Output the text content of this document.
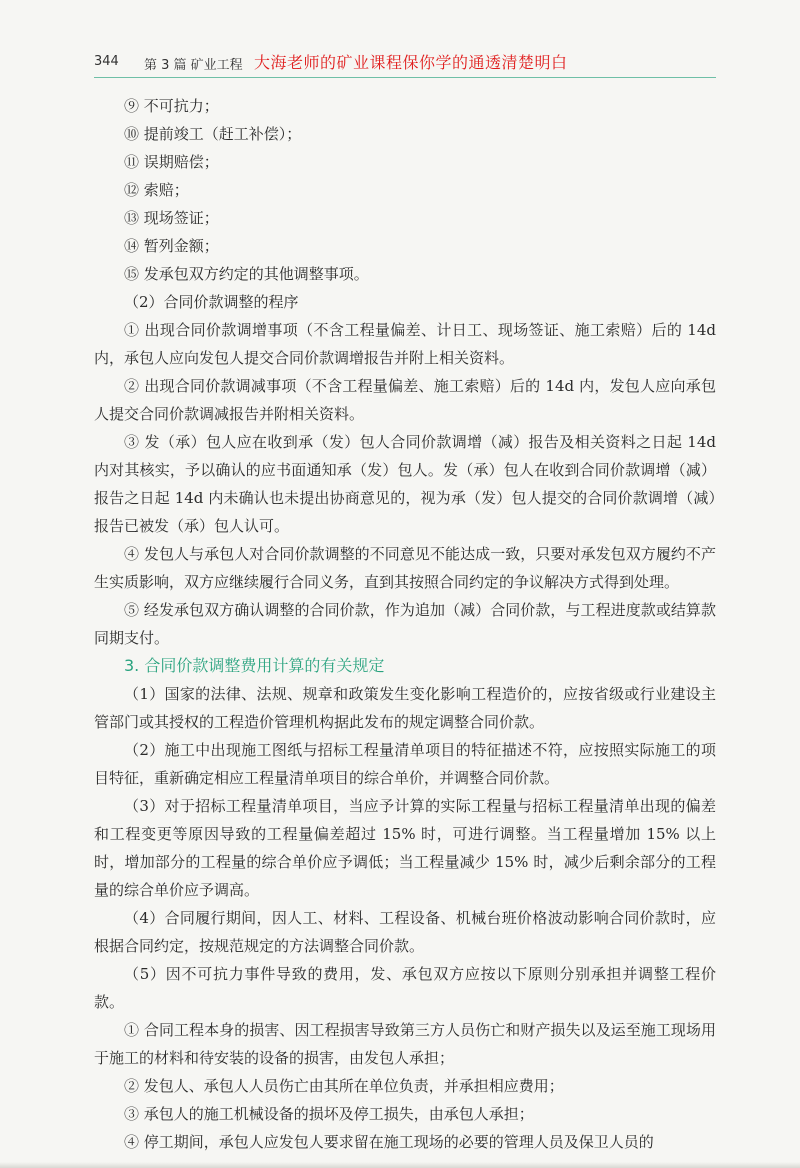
344 第 3 篇 矿业工程 大海老师的矿业课程保你学的通透清楚明白

⑨ 不可抗力；

⑩ 提前竣工（赶工补偿）；

⑪ 误期赔偿；

⑫ 索赔；

⑬ 现场签证；

⑭ 暂列金额；

⑮ 发承包双方约定的其他调整事项。

（2）合同价款调整的程序

① 出现合同价款调增事项（不含工程量偏差、计日工、现场签证、施工索赔）后的 14d 内，承包人应向发包人提交合同价款调增报告并附上相关资料。

② 出现合同价款调减事项（不含工程量偏差、施工索赔）后的 14d 内，发包人应向承包人提交合同价款调减报告并附相关资料。

③ 发（承）包人应在收到承（发）包人合同价款调增（减）报告及相关资料之日起 14d 内对其核实，予以确认的应书面通知承（发）包人。发（承）包人在收到合同价款调增（减）报告之日起 14d 内未确认也未提出协商意见的，视为承（发）包人提交的合同价款调增（减）报告已被发（承）包人认可。

④ 发包人与承包人对合同价款调整的不同意见不能达成一致，只要对承发包双方履约不产生实质影响，双方应继续履行合同义务，直到其按照合同约定的争议解决方式得到处理。

⑤ 经发承包双方确认调整的合同价款，作为追加（减）合同价款，与工程进度款或结算款同期支付。

3. 合同价款调整费用计算的有关规定

（1）国家的法律、法规、规章和政策发生变化影响工程造价的，应按省级或行业建设主管部门或其授权的工程造价管理机构据此发布的规定调整合同价款。

（2）施工中出现施工图纸与招标工程量清单项目的特征描述不符，应按照实际施工的项目特征，重新确定相应工程量清单项目的综合单价，并调整合同价款。

（3）对于招标工程量清单项目，当应予计算的实际工程量与招标工程量清单出现的偏差和工程变更等原因导致的工程量偏差超过 15% 时，可进行调整。当工程量增加 15% 以上时，增加部分的工程量的综合单价应予调低；当工程量减少 15% 时，减少后剩余部分的工程量的综合单价应予调高。

（4）合同履行期间，因人工、材料、工程设备、机械台班价格波动影响合同价款时，应根据合同约定，按规范规定的方法调整合同价款。

（5）因不可抗力事件导致的费用，发、承包双方应按以下原则分别承担并调整工程价款。

① 合同工程本身的损害、因工程损害导致第三方人员伤亡和财产损失以及运至施工现场用于施工的材料和待安装的设备的损害，由发包人承担；

② 发包人、承包人人员伤亡由其所在单位负责，并承担相应费用；

③ 承包人的施工机械设备的损坏及停工损失，由承包人承担；

④ 停工期间，承包人应发包人要求留在施工现场的必要的管理人员及保卫人员的
